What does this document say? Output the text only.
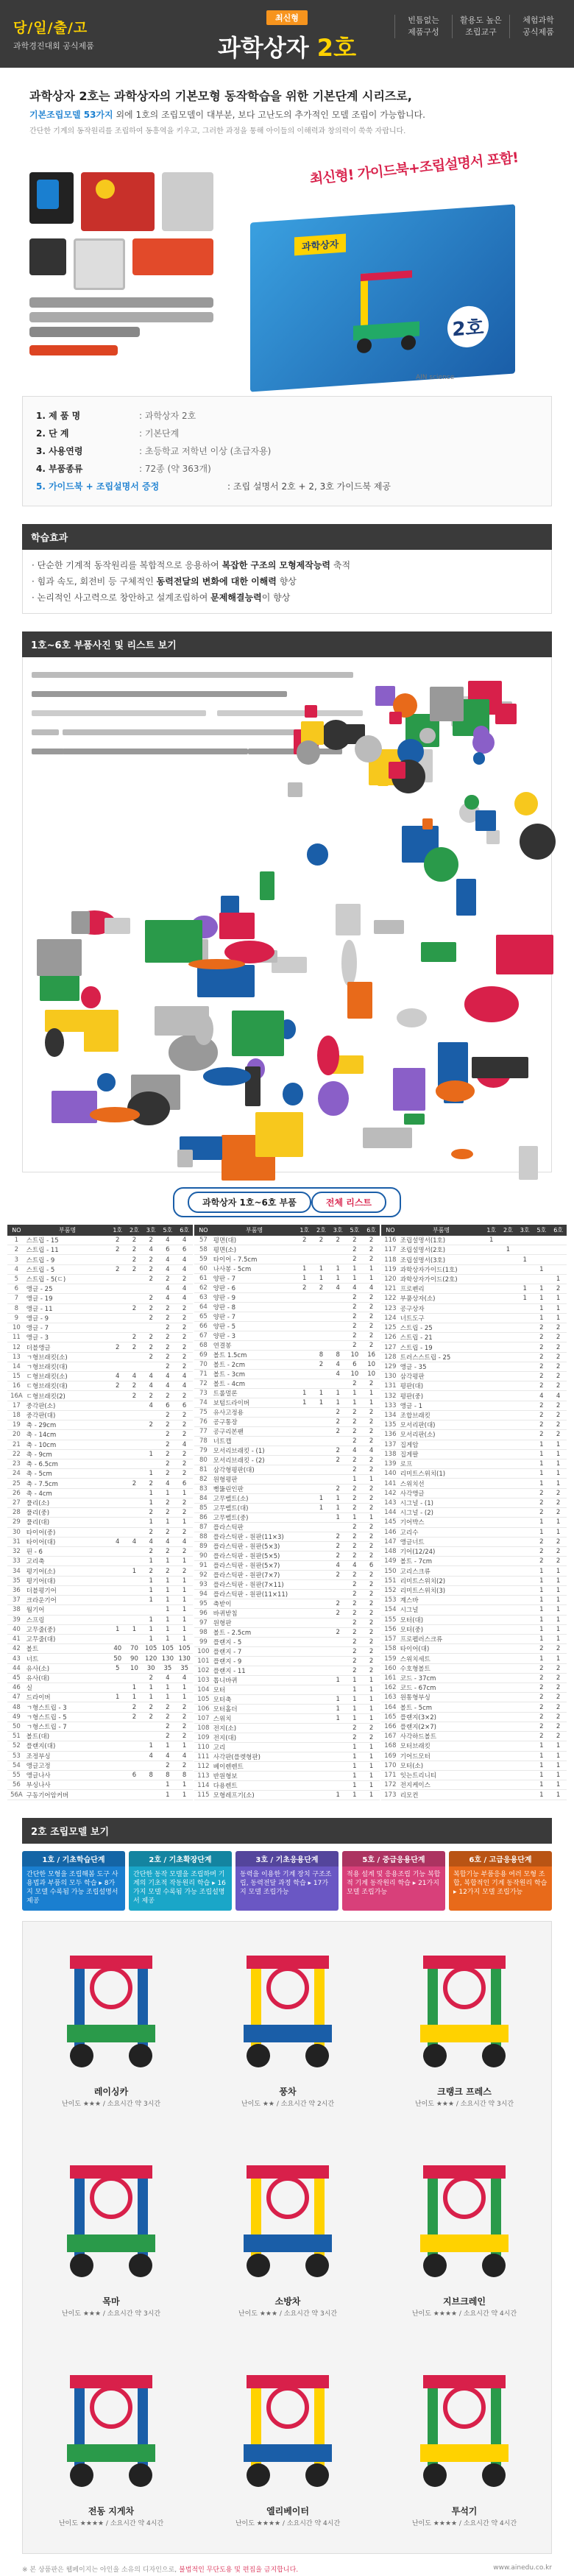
당/일/출/고
과학경진대회 공식제품
최신형
과학상자 2호
빈틈없는
제품구성
활용도 높은
조립교구
체험과학
공식제품
과학상자 2호는 과학상자의 기본모형 동작학습을 위한 기본단계 시리즈로,
기본조립모델 53가지 외에 1호의 조립모델이 대부분, 보다 고난도의 추가적인 모델 조립이 가능합니다.
간단한 기계의 동작원리를 조립하여 동흥역을 키우고, 그러한 과정을 통해 아이들의 이해력과 창의력이 쑥쑥 자랍니다.
최신형! 가이드북+조립설명서 포함!
과학상자
2호
AIN science
1. 제 품 명	: 과학상자 2호
2. 단 계	: 기본단계
3. 사용연령	: 초등학교 저학년 이상 (초급자용)
4. 부품종류	: 72종 (약 363개)
5. 가이드북 + 조립설명서 증정	: 조립 설명서 2호 + 2, 3호 가이드북 제공
학습효과
· 단순한 기계적 동작원리를 복합적으로 응용하여 복잡한 구조의 모형제작능력 축적
· 힘과 속도, 회전비 등 구체적인 동력전달의 변화에 대한 이해력 향상
· 논리적인 사고력으로 창안하고 설계조립하여 문제해결능력이 향상
1호~6호 부품사진 및 리스트 보기
과학상자 1호~6호 부품	전체 리스트
NO	부품명	1호	2호	3호	5호	6호
1	스트립 - 15	2	2	2	4	4
2	스트립 - 11	2	2	4	6	6
3	스트립 - 9		2	2	4	4
4	스트립 - 5	2	2	2	4	4
5	스트립 - 5(ㄷ)			2	2	2
6	앵글 - 25				4	4
7	앵글 - 19			2	4	4
8	앵글 - 11		2	2	2	2
9	앵글 - 9			2	2	2
10	앵글 - 7				2	2
11	앵글 - 3		2	2	2	2
12	더블앵글	2	2	2	2	2
13	ㄱ형브래킷(소)			2	2	2
14	ㄱ형브래킷(대)				2	2
15	ㄷ형브래킷(소)	4	4	4	4	4
16	ㄷ형브래킷(대)	2	2	4	4	4
16A	ㄷ형브래킷(2)		2	2	2	2
17	중각판(소)			4	6	6
18	중각판(대)				2	2
19	축 - 29cm			2	2	2
20	축 - 14cm				2	2
21	축 - 10cm				2	4
22	축 - 9cm			1	2	2
23	축 - 6.5cm				2	2
24	축 - 5cm			1	2	2
25	축 - 7.5cm		2	2	4	6
26	축 - 4cm			1	1	1
27	풀리(소)			1	2	2
28	풀리(중)			2	2	2
29	풀리(대)			1	1	1
30	타이어(중)			2	2	2
31	타이어(대)	4	4	4	4	4
32	핀 - 6			2	2	2
33	고리축			1	1	1
34	평기어(소)		1	2	2	2
35	평기어(대)			1	1	1
36	더블평기어			1	1	1
37	크라운기어			1	1	1
38	웜기어				1	1
39	스프링			1	1	1
40	고무줄(중)	1	1	1	1	1
41	고무줄(대)			1	1	1
42	볼트	40	70	105	105	105
43	너트	50	90	120	130	130
44	유사(소)	5	10	30	35	35
45	유사(대)			2	4	4
46	실		1	1	1	1
47	드라이버	1	1	1	1	1
48	ㄱ형스트립 - 3		2	2	2	2
49	ㄱ형스트립 - 5		2	2	2	2
50	ㄱ형스트립 - 7				2	2
51	볼트(대)				2	2
52	플랜지(대)			1	1	1
53	조정부싱			4	4	4
54	앵글고정				2	2
55	앵글나사		6	8	8	8
56	부싱나사				1	1
56A	구동기어암커버				1	1
NO	부품명	1호	2호	3호	5호	6호
57	평면(대)	2	2	2	2	2
58	평면(소)				2	2
59	타이어 - 7.5cm				2	2
60	나사봉 - 5cm	1	1	1	1	1
61	양판 - 7	1	1	1	1	1
62	양판 - 6	2	2	4	4	4
63	양판 - 9				2	2
64	양판 - 8				2	2
65	양판 - 7				2	2
66	양판 - 5				2	2
67	양판 - 3				2	2
68	연결봉				2	2
69	볼트 1.5cm		8	8	10	16
70	볼트 - 2cm		2	4	6	10
71	볼트 - 3cm			4	10	10
72	볼트 - 4cm				2	2
73	트롤멀론	1	1	1	1	1
74	보텀드라이버	1	1	1	1	1
75	유사고정용			2	2	2
76	공구통장			2	2	2
77	공구리본팬			2	2	2
78	너트캡				2	2
79	모서리브래킷 - (1)			2	4	4
80	모서리브래킷 - (2)			2	2	2
81	삼각형평판(대)				2	2
82	원형평판				1	1
83	뻥뚫린인판			2	2	2
84	고무벨트(소)		1	1	2	2
85	고무벨트(대)		1	1	2	2
86	고무벨트(중)			1	1	1
87	플라스틱판				2	2
88	플라스틱판 - 원판(11×3)			2	2	2
89	플라스틱판 - 원판(5×3)			2	2	2
90	플라스틱판 - 원판(5×5)			2	2	2
91	플라스틱판 - 원판(5×7)			4	4	6
92	플라스틱판 - 원판(7×7)			2	2	2
93	플라스틱판 - 원판(7×11)				2	2
94	플라스틱판 - 원판(11×11)				2	2
95	축받이			2	2	2
96	바퀴받침			2	2	2
97	원형판				2	2
98	볼트 - 2.5cm			2	2	2
99	플랜지 - 5				2	2
100	플랜지 - 7				2	2
101	플랜지 - 9				2	2
102	플랜지 - 11				2	2
103	톱니바퀴			1	1	1
104	모터				1	1
105	모터축			1	1	1
106	모터홀더			1	1	1
107	스위치			1	1	1
108	전지(소)				2	2
109	전지(대)				2	2
110	고리				1	1
111	사각판(플렛형판)				1	1
112	베이렌렌트				1	1
113	반원형보				1	1
114	다용렌트				1	1
115	모형레프기(소)			1	1	1
NO	부품명	1호	2호	3호	5호	6호
116	조립설명서(1호)	1				
117	조립설명서(2호)		1			
118	조립설명서(3호)			1		
119	과학상자가이드(1호)				1	
120	과학상자가이드(2호)					1
121	프로펜리			1	1	2
122	부품상자(소)			1	1	1
123	공구상자				1	1
124	너트도구				1	1
125	스트립 - 25				2	2
126	스트립 - 21				2	2
127	스트립 - 19				2	2
128	트러스스트립 - 25				2	2
129	앵글 - 35				2	2
130	삼각평판				2	2
131	평판(대)				2	2
132	평판(중)				4	4
133	앵글 - 1				2	2
134	조합브래킷				2	2
135	모서리판(대)				2	2
136	모서리판(소)				2	2
137	집게암				1	1
138	집게팔				1	1
139	로프				1	1
140	리미트스위치(1)				1	1
141	스위치선				1	1
142	사각앵글				2	2
143	시그널 - (1)				2	2
144	시그널 - (2)				2	2
145	기어박스				1	1
146	고리수				1	1
147	앵글너트				2	2
148	기어(12/24)				2	2
149	볼트 - 7cm				2	2
150	고리스크류				1	1
151	리미트스위치(2)				1	1
152	리미트스위치(3)				1	1
153	계스바				1	1
154	시그널				1	1
155	모터(대)				1	1
156	모터(중)				1	1
157	프로펠러스크류				1	1
158	타이어(대)				2	2
159	스위치세트				1	1
160	수호형볼트				2	2
161	코드 - 37cm				2	2
162	코드 - 67cm				2	2
163	원통형부싱				2	2
164	볼트 - 5cm				2	2
165	플랜지(3×2)				2	2
166	플랜지(2×7)				2	2
167	사각하드볼트				2	2
168	모터브래킷				1	1
169	기어드모터				1	1
170	모터(소)				1	1
171	잇는트리니티				1	1
172	전지케이스				1	1
173	리모컨				1	1
2호 조립모델 보기
1호 / 기초학습단계
간단한 모형을 조립해봄 도구 사용법과 부품의 모두 학습 ▸ 8가지 모델 수록됨 가능 조립설명서 제공
2호 / 기초확장단계
간단한 동작 모델을 조립하며 기계의 기초적 작동원리 학습 ▸ 16가지 모델 수록됨 가능 조립설명서 제공
3호 / 기초응용단계
동력을 이용한 기계 장치 구조조립, 동력전달 과정 학습 ▸ 17가지 모델 조립가능
5호 / 중급응용단계
적용 설계 및 응용조립 기능 복합적 기계 동작원리 학습 ▸ 21가지 모델 조립가능
6호 / 고급응용단계
복합기능 부품응용 여러 모형 조합, 복합적인 기계 동작원리 학습 ▸ 12가지 모델 조립가능
레이싱카
난이도 ★★★ / 소요시간 약 3시간
풍차
난이도 ★★ / 소요시간 약 2시간
크랭크 프레스
난이도 ★★★ / 소요시간 약 3시간
목마
난이도 ★★★ / 소요시간 약 3시간
소방차
난이도 ★★★ / 소요시간 약 3시간
지브크레인
난이도 ★★★★ / 소요시간 약 4시간
전동 지게차
난이도 ★★★★ / 소요시간 약 4시간
엘리베이터
난이도 ★★★★ / 소요시간 약 4시간
투석기
난이도 ★★★★ / 소요시간 약 4시간
※ 본 상품판은 웹페이지는 아인을 소유의 디자인으로, 불법적인 무단도용 및 편집을 금지합니다.	www.ainedu.co.kr
